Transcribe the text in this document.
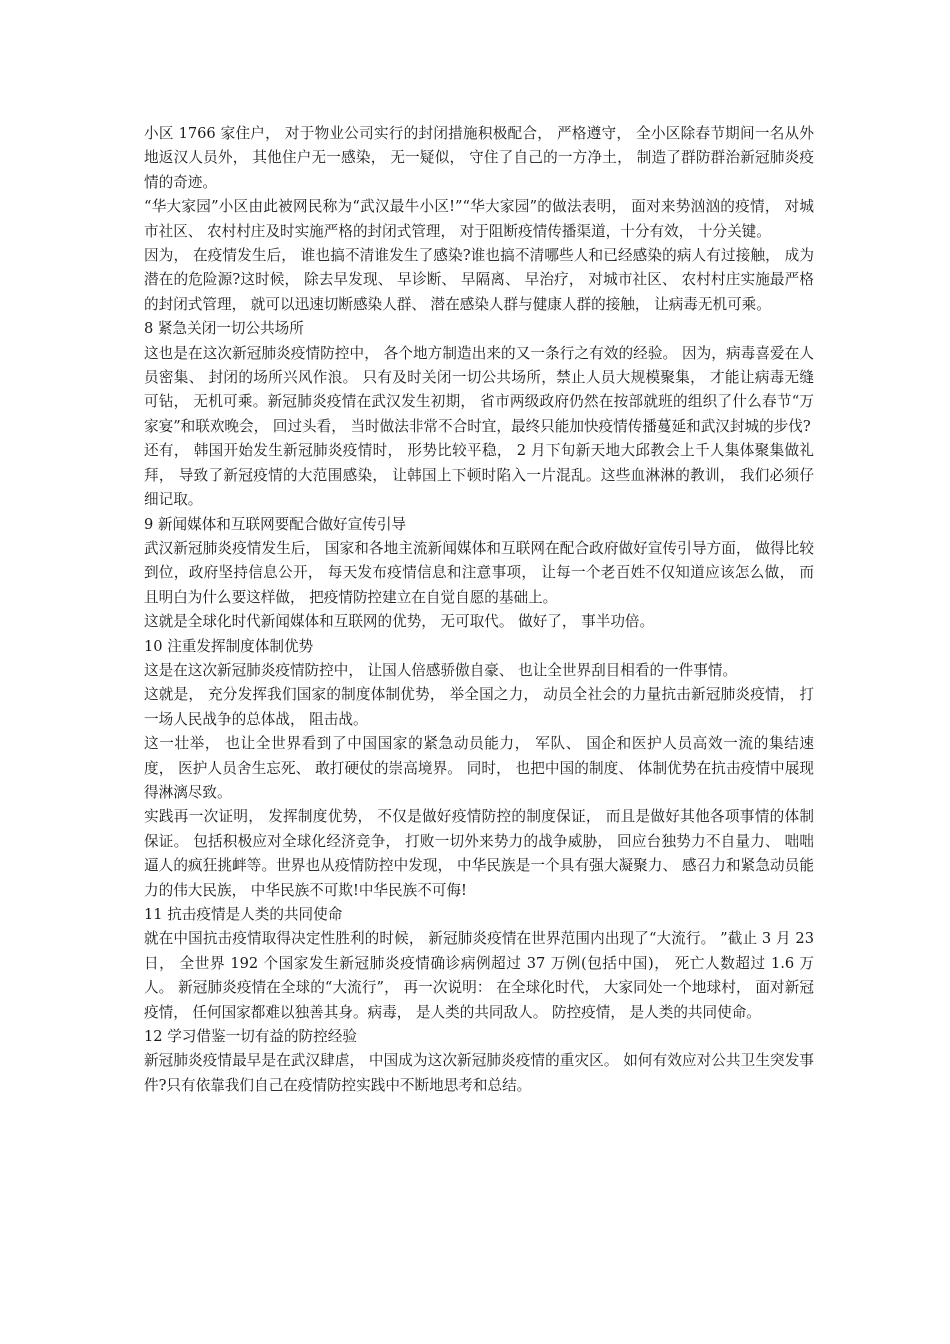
小区 1766 家住户， 对于物业公司实行的封闭措施积极配合， 严格遵守， 全小区除春节期间一名从外地返汉人员外， 其他住户无一感染， 无一疑似， 守住了自己的一方净土， 制造了群防群治新冠肺炎疫情的奇迹。

“华大家园”小区由此被网民称为“武汉最牛小区!”“华大家园”的做法表明， 面对来势汹汹的疫情， 对城市社区、 农村村庄及时实施严格的封闭式管理， 对于阻断疫情传播渠道，十分有效， 十分关键。

因为， 在疫情发生后， 谁也搞不清谁发生了感染?谁也搞不清哪些人和已经感染的病人有过接触， 成为潜在的危险源?这时候， 除去早发现、 早诊断、 早隔离、 早治疗， 对城市社区、 农村村庄实施最严格的封闭式管理， 就可以迅速切断感染人群、 潜在感染人群与健康人群的接触， 让病毒无机可乘。

8 紧急关闭一切公共场所

这也是在这次新冠肺炎疫情防控中， 各个地方制造出来的又一条行之有效的经验。 因为，病毒喜爱在人员密集、 封闭的场所兴风作浪。 只有及时关闭一切公共场所，禁止人员大规模聚集， 才能让病毒无缝可钻， 无机可乘。新冠肺炎疫情在武汉发生初期， 省市两级政府仍然在按部就班的组织了什么春节“万家宴”和联欢晚会， 回过头看， 当时做法非常不合时宜，最终只能加快疫情传播蔓延和武汉封城的步伐?

还有， 韩国开始发生新冠肺炎疫情时， 形势比较平稳， 2 月下旬新天地大邱教会上千人集体聚集做礼拜， 导致了新冠疫情的大范围感染， 让韩国上下顿时陷入一片混乱。这些血淋淋的教训， 我们必须仔细记取。

9 新闻媒体和互联网要配合做好宣传引导

武汉新冠肺炎疫情发生后， 国家和各地主流新闻媒体和互联网在配合政府做好宣传引导方面， 做得比较到位，政府坚持信息公开， 每天发布疫情信息和注意事项， 让每一个老百姓不仅知道应该怎么做， 而且明白为什么要这样做， 把疫情防控建立在自觉自愿的基础上。

这就是全球化时代新闻媒体和互联网的优势， 无可取代。 做好了， 事半功倍。

10 注重发挥制度体制优势

这是在这次新冠肺炎疫情防控中， 让国人倍感骄傲自豪、 也让全世界刮目相看的一件事情。

这就是， 充分发挥我们国家的制度体制优势， 举全国之力， 动员全社会的力量抗击新冠肺炎疫情， 打一场人民战争的总体战， 阻击战。

这一壮举， 也让全世界看到了中国国家的紧急动员能力， 军队、 国企和医护人员高效一流的集结速度， 医护人员舍生忘死、 敢打硬仗的崇高境界。 同时， 也把中国的制度、 体制优势在抗击疫情中展现得淋漓尽致。

实践再一次证明， 发挥制度优势， 不仅是做好疫情防控的制度保证， 而且是做好其他各项事情的体制保证。 包括积极应对全球化经济竞争， 打败一切外来势力的战争威胁， 回应台独势力不自量力、 咄咄逼人的疯狂挑衅等。世界也从疫情防控中发现， 中华民族是一个具有强大凝聚力、 感召力和紧急动员能力的伟大民族， 中华民族不可欺!中华民族不可侮!

11 抗击疫情是人类的共同使命

就在中国抗击疫情取得决定性胜利的时候， 新冠肺炎疫情在世界范围内出现了“大流行。 ”截止 3 月 23 日， 全世界 192 个国家发生新冠肺炎疫情确诊病例超过 37 万例(包括中国)， 死亡人数超过 1.6 万人。 新冠肺炎疫情在全球的“大流行”， 再一次说明： 在全球化时代， 大家同处一个地球村， 面对新冠疫情， 任何国家都难以独善其身。病毒， 是人类的共同敌人。 防控疫情， 是人类的共同使命。

12 学习借鉴一切有益的防控经验

新冠肺炎疫情最早是在武汉肆虐， 中国成为这次新冠肺炎疫情的重灾区。 如何有效应对公共卫生突发事件?只有依靠我们自己在疫情防控实践中不断地思考和总结。
